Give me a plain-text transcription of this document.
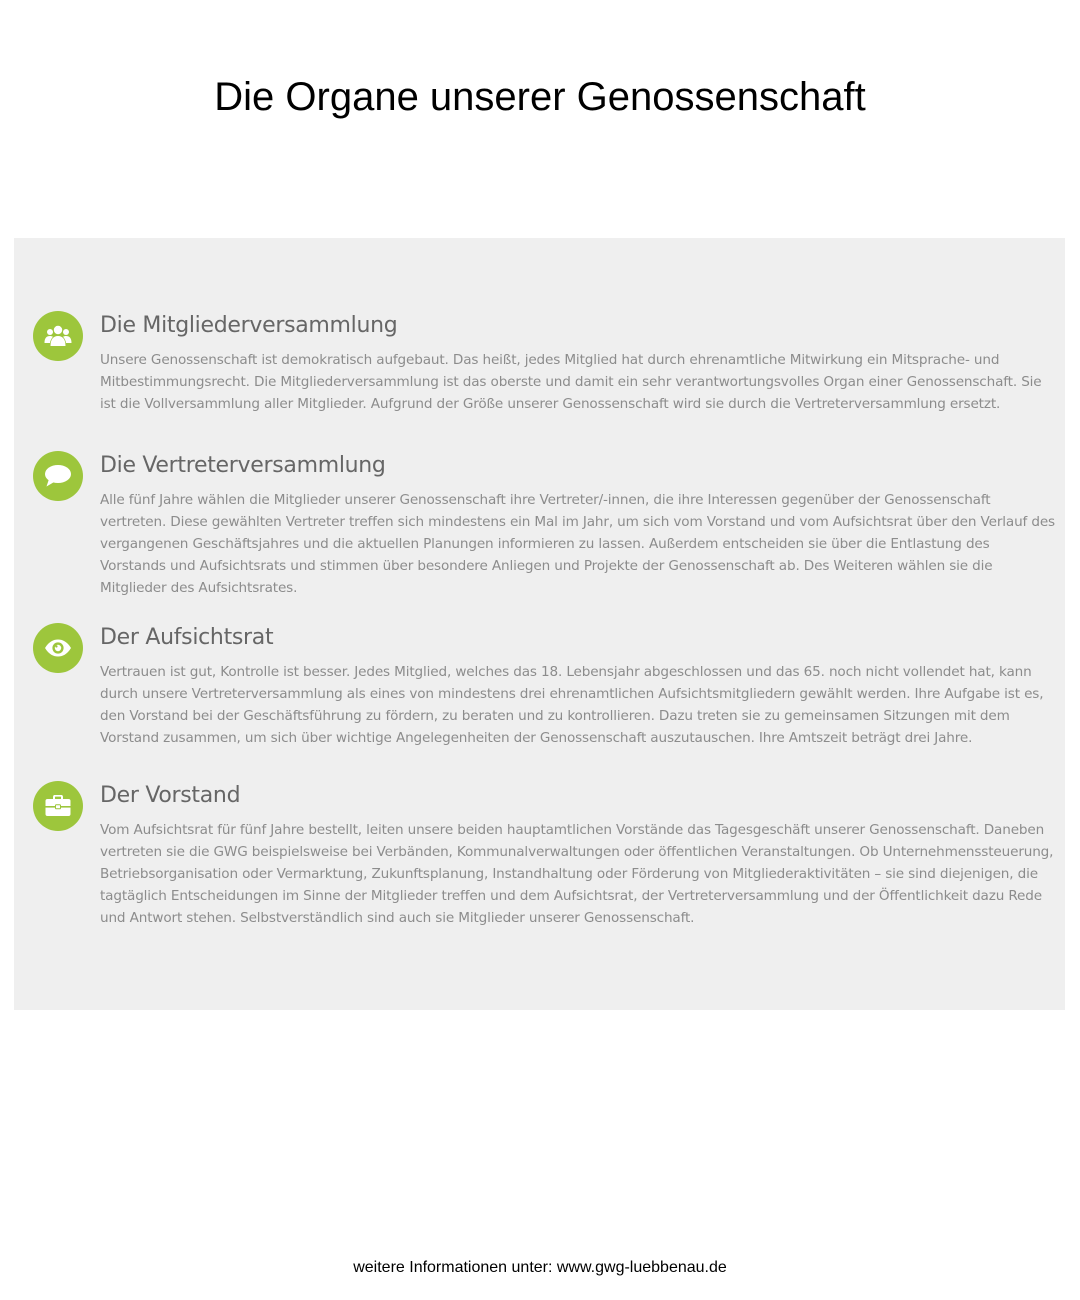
Die Organe unserer Genossenschaft
Die Mitgliederversammlung

Unsere Genossenschaft ist demokratisch aufgebaut. Das heißt, jedes Mitglied hat durch ehrenamtliche Mitwirkung ein Mitsprache- und Mitbestimmungsrecht. Die Mitgliederversammlung ist das oberste und damit ein sehr verantwortungsvolles Organ einer Genossenschaft. Sie ist die Vollversammlung aller Mitglieder. Aufgrund der Größe unserer Genossenschaft wird sie durch die Vertreterversammlung ersetzt.

Die Vertreterversammlung

Alle fünf Jahre wählen die Mitglieder unserer Genossenschaft ihre Vertreter/-innen, die ihre Interessen gegenüber der Genossenschaft vertreten. Diese gewählten Vertreter treffen sich mindestens ein Mal im Jahr, um sich vom Vorstand und vom Aufsichtsrat über den Verlauf des vergangenen Geschäftsjahres und die aktuellen Planungen informieren zu lassen. Außerdem entscheiden sie über die Entlastung des Vorstands und Aufsichtsrats und stimmen über besondere Anliegen und Projekte der Genossenschaft ab. Des Weiteren wählen sie die Mitglieder des Aufsichtsrates.

Der Aufsichtsrat

Vertrauen ist gut, Kontrolle ist besser. Jedes Mitglied, welches das 18. Lebensjahr abgeschlossen und das 65. noch nicht vollendet hat, kann durch unsere Vertreterversammlung als eines von mindestens drei ehrenamtlichen Aufsichtsmitgliedern gewählt werden. Ihre Aufgabe ist es, den Vorstand bei der Geschäftsführung zu fördern, zu beraten und zu kontrollieren. Dazu treten sie zu gemeinsamen Sitzungen mit dem Vorstand zusammen, um sich über wichtige Angelegenheiten der Genossenschaft auszutauschen. Ihre Amtszeit beträgt drei Jahre.

Der Vorstand

Vom Aufsichtsrat für fünf Jahre bestellt, leiten unsere beiden hauptamtlichen Vorstände das Tagesgeschäft unserer Genossenschaft. Daneben vertreten sie die GWG beispielsweise bei Verbänden, Kommunalverwaltungen oder öffentlichen Veranstaltungen. Ob Unternehmenssteuerung, Betriebsorganisation oder Vermarktung, Zukunftsplanung, Instandhaltung oder Förderung von Mitgliederaktivitäten – sie sind diejenigen, die tagtäglich Entscheidungen im Sinne der Mitglieder treffen und dem Aufsichtsrat, der Vertreterversammlung und der Öffentlichkeit dazu Rede und Antwort stehen. Selbstverständlich sind auch sie Mitglieder unserer Genossenschaft.

weitere Informationen unter: www.gwg-luebbenau.de
